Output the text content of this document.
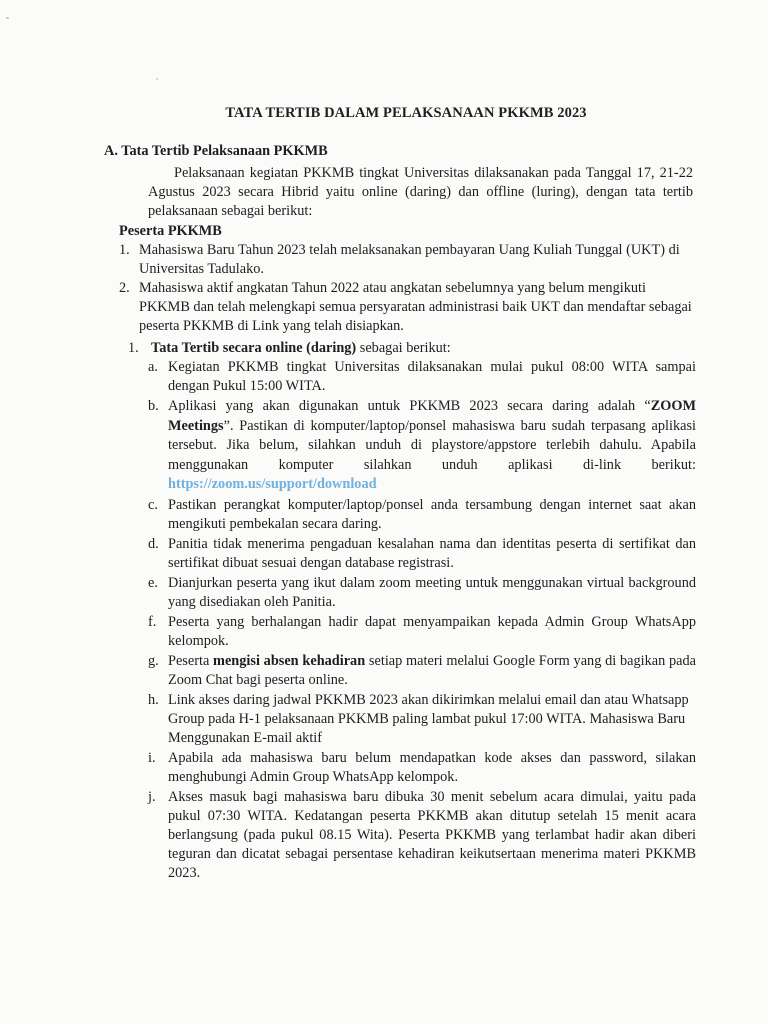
TATA TERTIB DALAM PELAKSANAAN PKKMB 2023
A. Tata Tertib Pelaksanaan PKKMB

Pelaksanaan kegiatan PKKMB tingkat Universitas dilaksanakan pada Tanggal 17, 21-22 Agustus 2023 secara Hibrid yaitu online (daring) dan offline (luring), dengan tata tertib pelaksanaan sebagai berikut:

Peserta PKKMB
1. Mahasiswa Baru Tahun 2023 telah melaksanakan pembayaran Uang Kuliah Tunggal (UKT) di Universitas Tadulako.
2. Mahasiswa aktif angkatan Tahun 2022 atau angkatan sebelumnya yang belum mengikuti PKKMB dan telah melengkapi semua persyaratan administrasi baik UKT dan mendaftar sebagai peserta PKKMB di Link yang telah disiapkan.
1. Tata Tertib secara online (daring) sebagai berikut:
a. Kegiatan PKKMB tingkat Universitas dilaksanakan mulai pukul 08:00 WITA sampai dengan Pukul 15:00 WITA.
b. Aplikasi yang akan digunakan untuk PKKMB 2023 secara daring adalah “ZOOM Meetings”. Pastikan di komputer/laptop/ponsel mahasiswa baru sudah terpasang aplikasi tersebut. Jika belum, silahkan unduh di playstore/appstore terlebih dahulu. Apabila menggunakan komputer silahkan unduh aplikasi di-link berikut: https://zoom.us/support/download
c. Pastikan perangkat komputer/laptop/ponsel anda tersambung dengan internet saat akan mengikuti pembekalan secara daring.
d. Panitia tidak menerima pengaduan kesalahan nama dan identitas peserta di sertifikat dan sertifikat dibuat sesuai dengan database registrasi.
e. Dianjurkan peserta yang ikut dalam zoom meeting untuk menggunakan virtual background yang disediakan oleh Panitia.
f. Peserta yang berhalangan hadir dapat menyampaikan kepada Admin Group WhatsApp kelompok.
g. Peserta mengisi absen kehadiran setiap materi melalui Google Form yang di bagikan pada Zoom Chat bagi peserta online.
h. Link akses daring jadwal PKKMB 2023 akan dikirimkan melalui email dan atau Whatsapp Group pada H-1 pelaksanaan PKKMB paling lambat pukul 17:00 WITA. Mahasiswa Baru Menggunakan E-mail aktif
i. Apabila ada mahasiswa baru belum mendapatkan kode akses dan password, silakan menghubungi Admin Group WhatsApp kelompok.
j. Akses masuk bagi mahasiswa baru dibuka 30 menit sebelum acara dimulai, yaitu pada pukul 07:30 WITA. Kedatangan peserta PKKMB akan ditutup setelah 15 menit acara berlangsung (pada pukul 08.15 Wita). Peserta PKKMB yang terlambat hadir akan diberi teguran dan dicatat sebagai persentase kehadiran keikutsertaan menerima materi PKKMB 2023.
